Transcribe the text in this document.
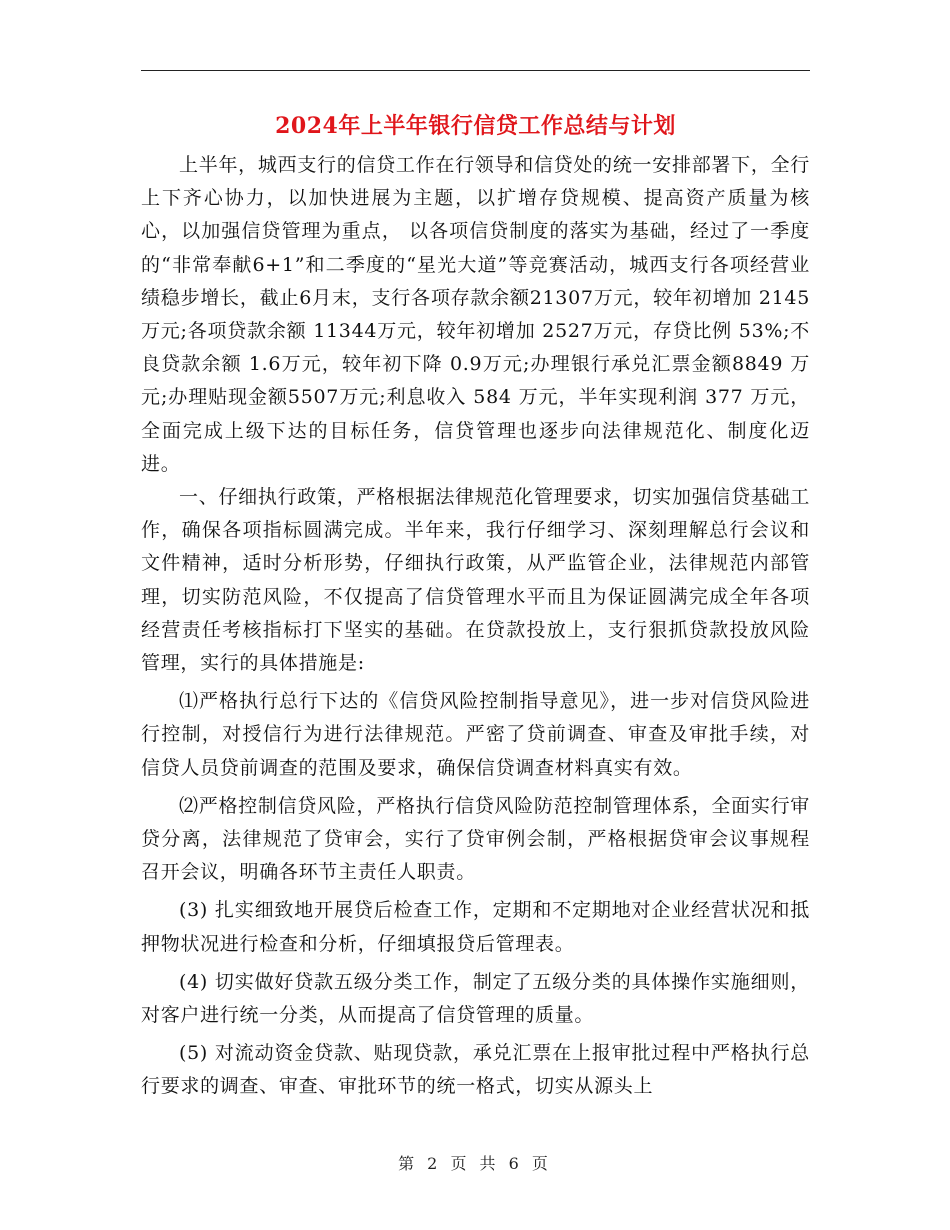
2024年上半年银行信贷工作总结与计划

上半年，城西支行的信贷工作在行领导和信贷处的统一安排部署下，全行上下齐心协力，以加快进展为主题，以扩增存贷规模、提高资产质量为核心，以加强信贷管理为重点， 以各项信贷制度的落实为基础，经过了一季度的“非常奉献6+1”和二季度的“星光大道”等竞赛活动，城西支行各项经营业绩稳步增长，截止6月末，支行各项存款余额21307万元，较年初增加 2145万元;各项贷款余额 11344万元，较年初增加 2527万元，存贷比例 53%;不良贷款余额 1.6万元，较年初下降 0.9万元;办理银行承兑汇票金额8849 万元;办理贴现金额5507万元;利息收入 584 万元，半年实现利润 377 万元，全面完成上级下达的目标任务，信贷管理也逐步向法律规范化、制度化迈进。

一、仔细执行政策，严格根据法律规范化管理要求，切实加强信贷基础工作，确保各项指标圆满完成。半年来，我行仔细学习、深刻理解总行会议和文件精神，适时分析形势，仔细执行政策，从严监管企业，法律规范内部管理，切实防范风险，不仅提高了信贷管理水平而且为保证圆满完成全年各项经营责任考核指标打下坚实的基础。在贷款投放上，支行狠抓贷款投放风险管理，实行的具体措施是:

⑴严格执行总行下达的《信贷风险控制指导意见》，进一步对信贷风险进行控制，对授信行为进行法律规范。严密了贷前调查、审查及审批手续，对信贷人员贷前调查的范围及要求，确保信贷调查材料真实有效。

⑵严格控制信贷风险，严格执行信贷风险防范控制管理体系，全面实行审贷分离，法律规范了贷审会，实行了贷审例会制，严格根据贷审会议事规程召开会议，明确各环节主责任人职责。

(3) 扎实细致地开展贷后检查工作，定期和不定期地对企业经营状况和抵押物状况进行检查和分析，仔细填报贷后管理表。

(4) 切实做好贷款五级分类工作，制定了五级分类的具体操作实施细则，对客户进行统一分类，从而提高了信贷管理的质量。

(5) 对流动资金贷款、贴现贷款，承兑汇票在上报审批过程中严格执行总行要求的调查、审查、审批环节的统一格式，切实从源头上

第 2 页 共 6 页
